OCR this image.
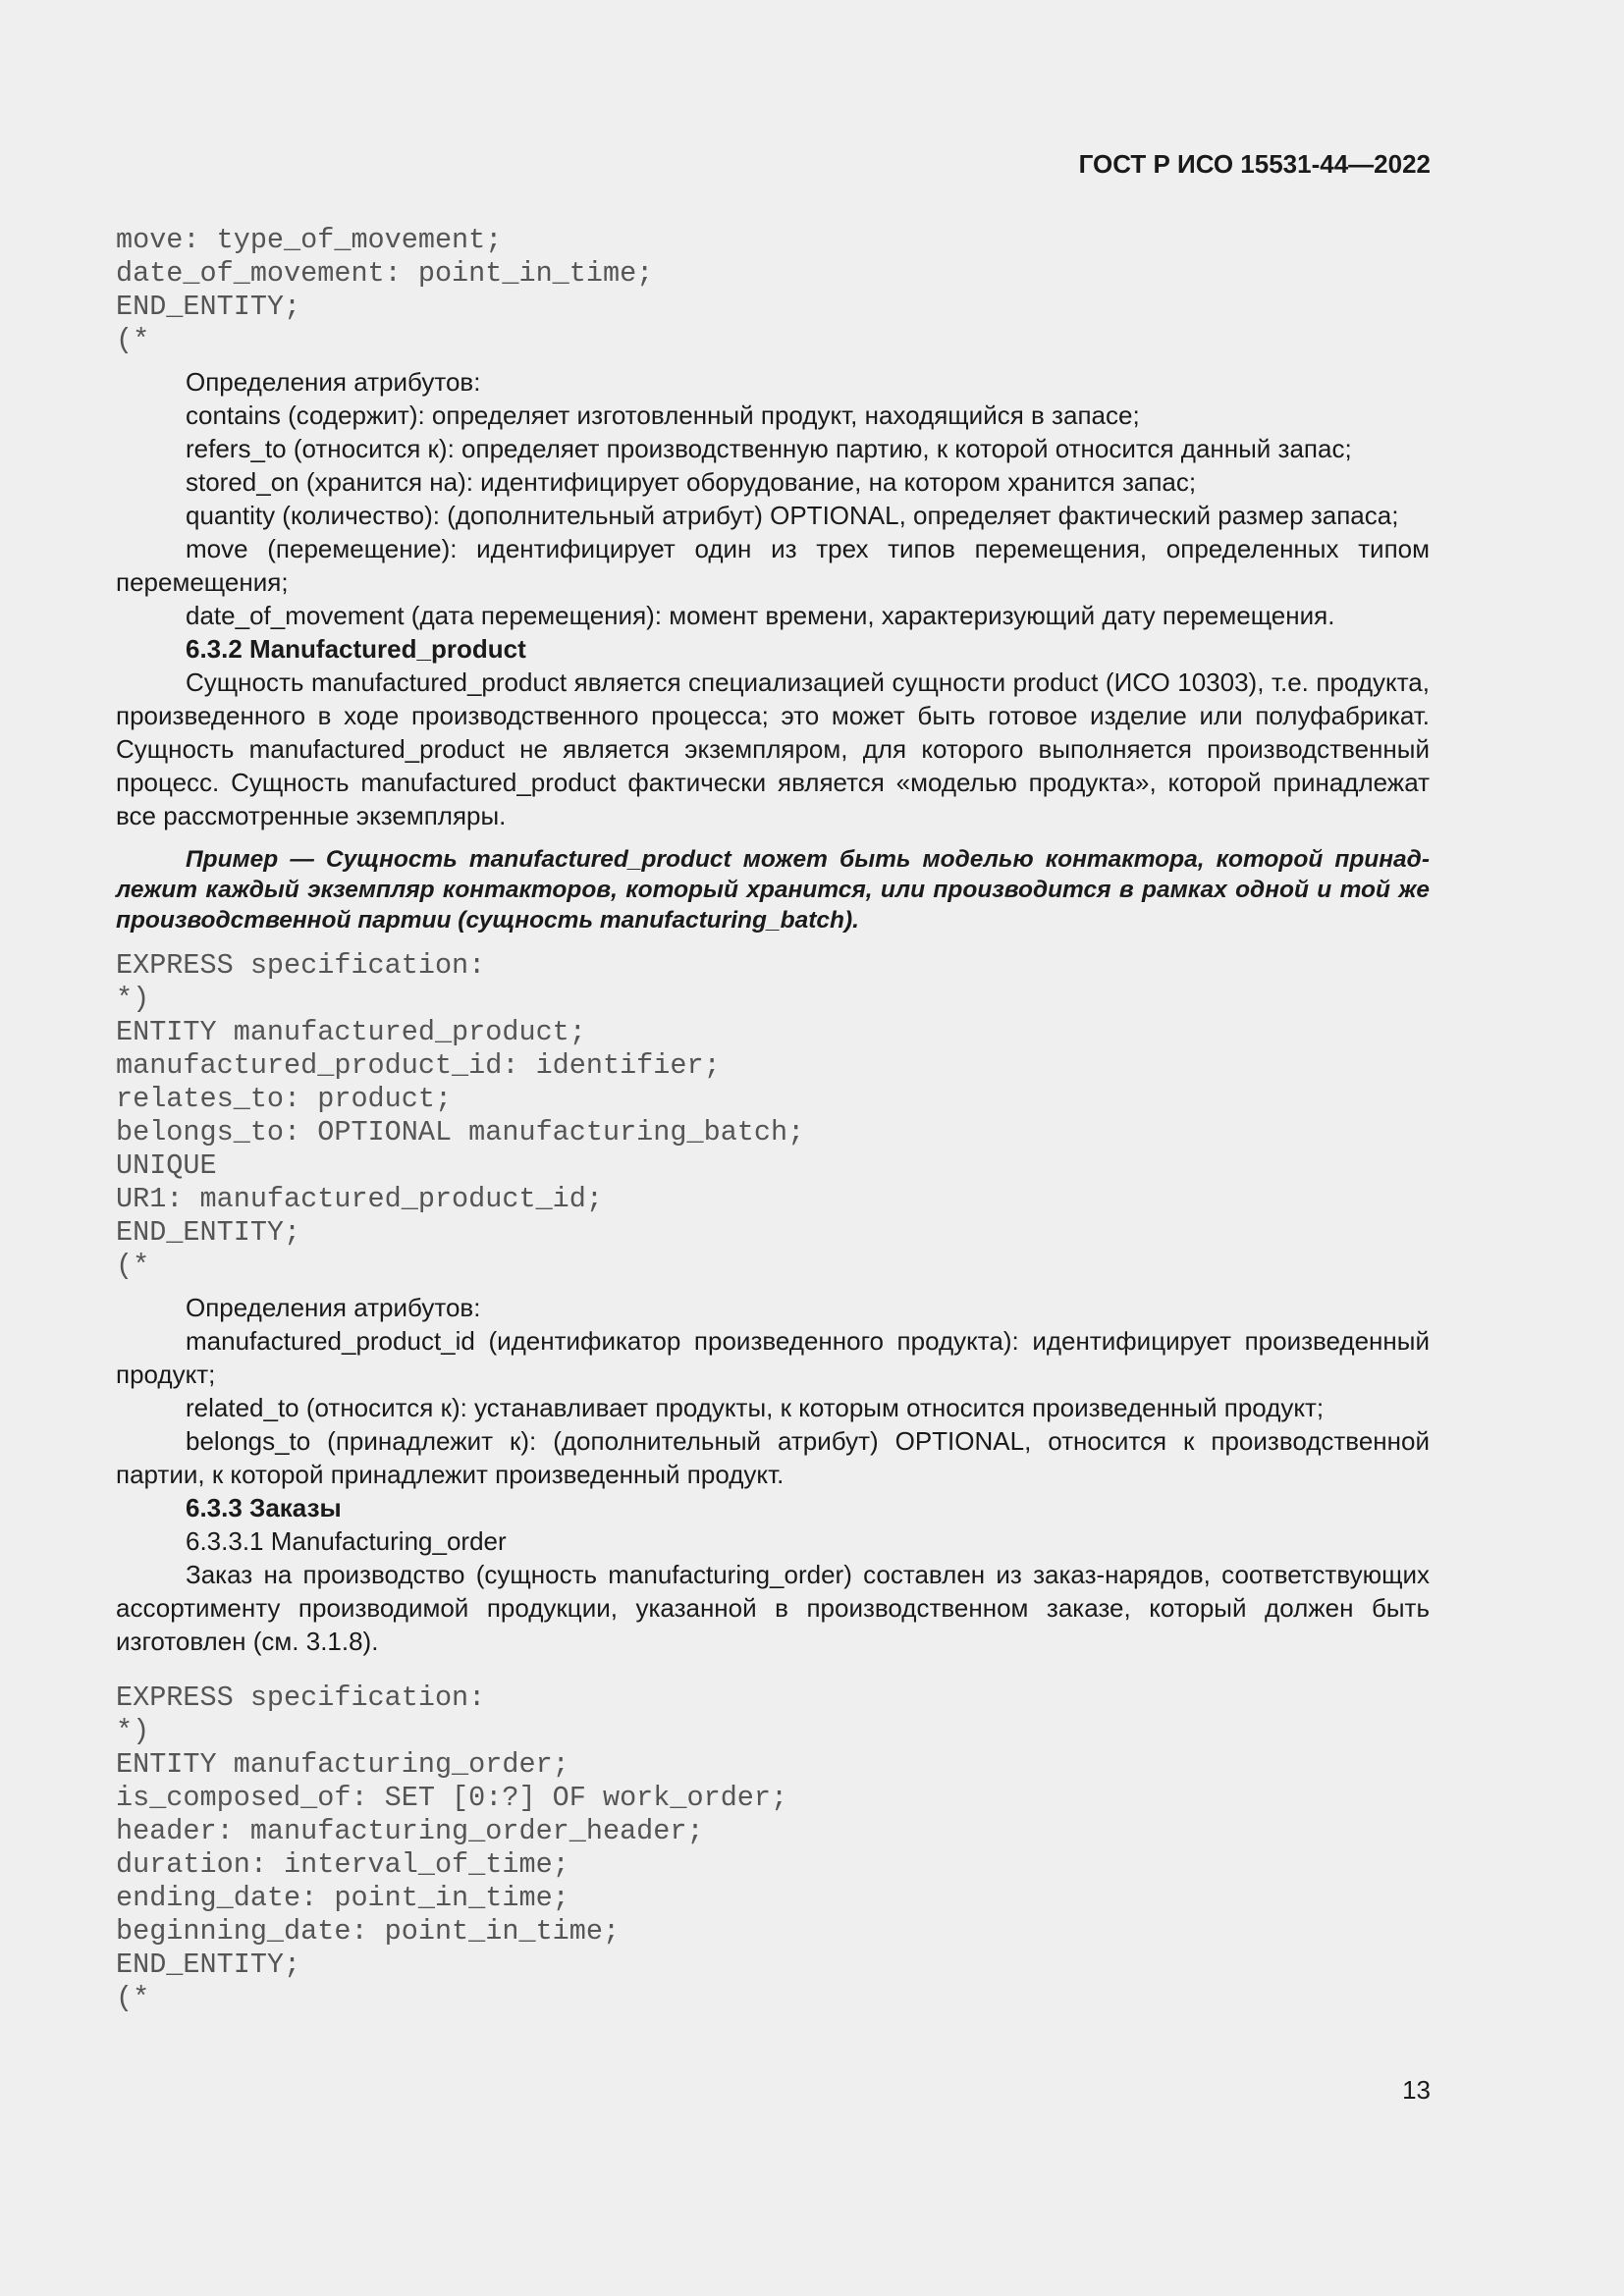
ГОСТ Р ИСО 15531-44—2022
move: type_of_movement;
date_of_movement: point_in_time;
END_ENTITY;
(*

Определения атрибутов:

contains (содержит): определяет изготовленный продукт, находящийся в запасе;

refers_to (относится к): определяет производственную партию, к которой относится данный запас;

stored_on (хранится на): идентифицирует оборудование, на котором хранится запас;

quantity (количество): (дополнительный атрибут) OPTIONAL, определяет фактический размер запаса;

move (перемещение): идентифицирует один из трех типов перемещения, определенных типом перемещения;

date_of_movement (дата перемещения): момент времени, характеризующий дату перемещения.

6.3.2 Manufactured_product

Сущность manufactured_product является специализацией сущности product (ИСО 10303), т.е. продукта, произведенного в ходе производственного процесса; это может быть готовое изделие или полуфабрикат. Сущность manufactured_product не является экземпляром, для которого выполняется производственный процесс. Сущность manufactured_product фактически является «моделью продукта», которой принадлежат все рассмотренные экземпляры.

Пример — Сущность manufactured_product может быть моделью контактора, которой принадлежит каждый экземпляр контакторов, который хранится, или производится в рамках одной и той же производственной партии (сущность manufacturing_batch).

EXPRESS specification:
*)
ENTITY manufactured_product;
manufactured_product_id: identifier;
relates_to: product;
belongs_to: OPTIONAL manufacturing_batch;
UNIQUE
UR1: manufactured_product_id;
END_ENTITY;
(*

Определения атрибутов:

manufactured_product_id (идентификатор произведенного продукта): идентифицирует произведенный продукт;

related_to (относится к): устанавливает продукты, к которым относится произведенный продукт;

belongs_to (принадлежит к): (дополнительный атрибут) OPTIONAL, относится к производственной партии, к которой принадлежит произведенный продукт.

6.3.3 Заказы

6.3.3.1 Manufacturing_order

Заказ на производство (сущность manufacturing_order) составлен из заказ-нарядов, соответствующих ассортименту производимой продукции, указанной в производственном заказе, который должен быть изготовлен (см. 3.1.8).

EXPRESS specification:
*)
ENTITY manufacturing_order;
is_composed_of: SET [0:?] OF work_order;
header: manufacturing_order_header;
duration: interval_of_time;
ending_date: point_in_time;
beginning_date: point_in_time;
END_ENTITY;
(*
13
